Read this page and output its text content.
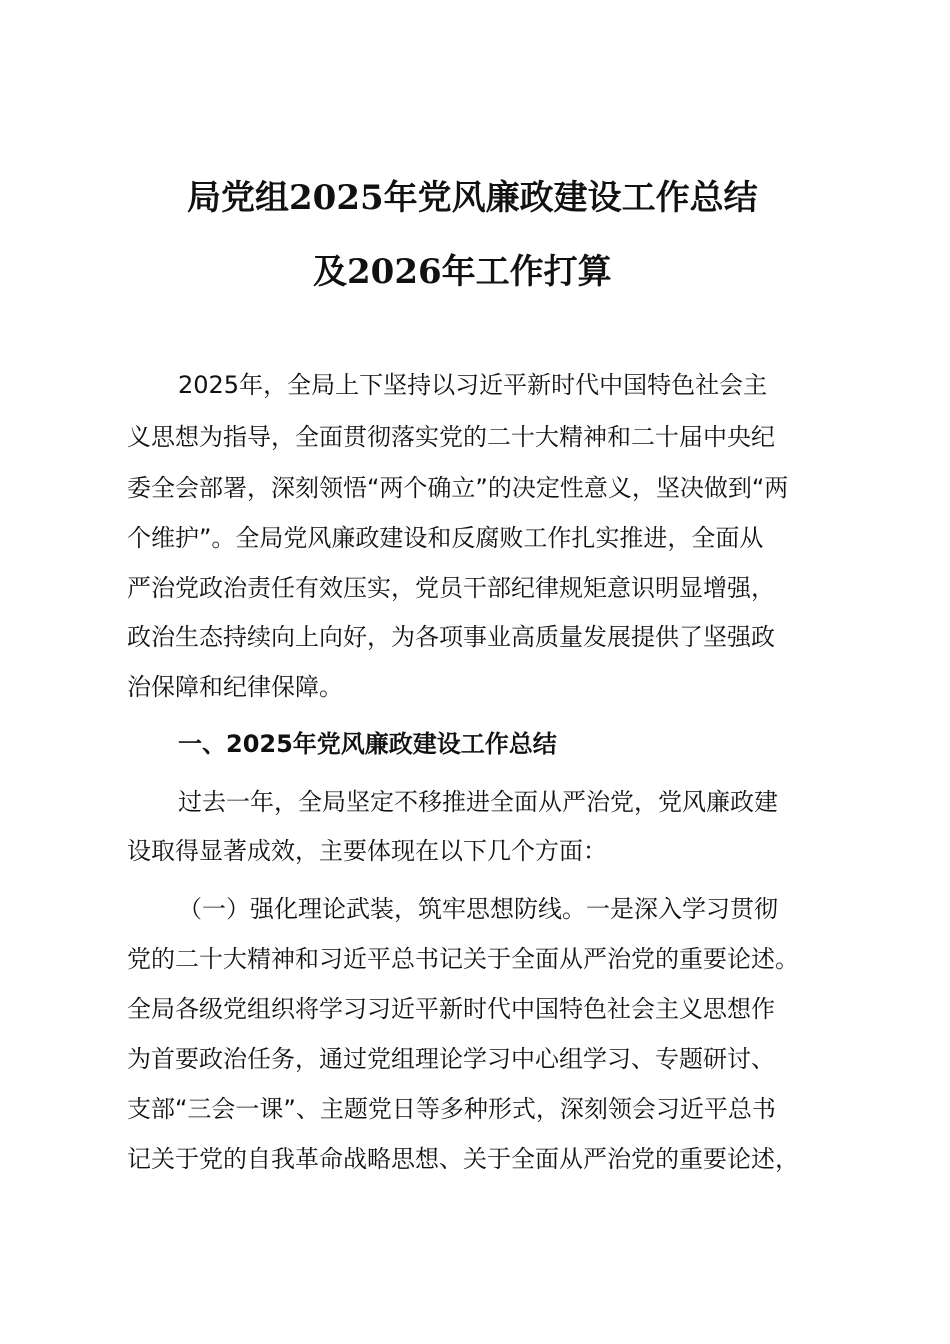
局党组2025年党风廉政建设工作总结
及2026年工作打算
2025年，全局上下坚持以习近平新时代中国特色社会主
义思想为指导，全面贯彻落实党的二十大精神和二十届中央纪
委全会部署，深刻领悟“两个确立”的决定性意义，坚决做到“两
个维护”。全局党风廉政建设和反腐败工作扎实推进，全面从
严治党政治责任有效压实，党员干部纪律规矩意识明显增强，
政治生态持续向上向好，为各项事业高质量发展提供了坚强政
治保障和纪律保障。
一、2025年党风廉政建设工作总结
过去一年，全局坚定不移推进全面从严治党，党风廉政建
设取得显著成效，主要体现在以下几个方面：
（一）强化理论武装，筑牢思想防线。一是深入学习贯彻
党的二十大精神和习近平总书记关于全面从严治党的重要论述。
全局各级党组织将学习习近平新时代中国特色社会主义思想作
为首要政治任务，通过党组理论学习中心组学习、专题研讨、
支部“三会一课”、主题党日等多种形式，深刻领会习近平总书
记关于党的自我革命战略思想、关于全面从严治党的重要论述，
